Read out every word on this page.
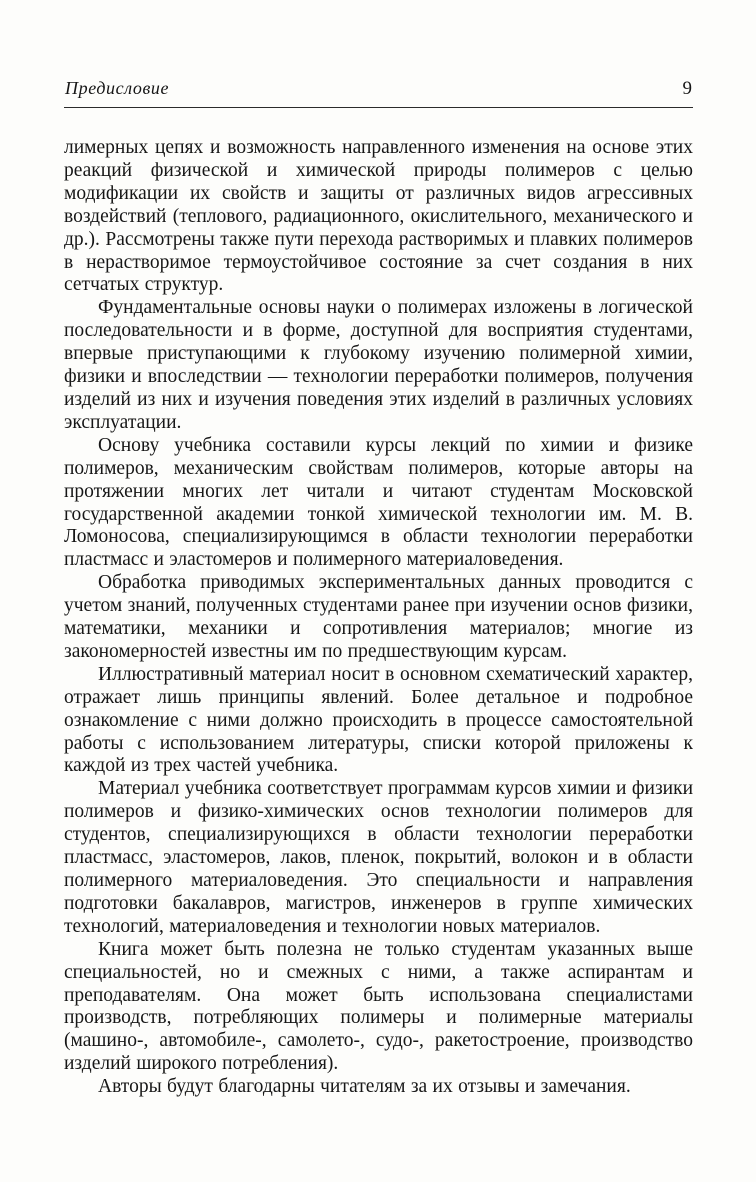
Предисловие	9

лимерных цепях и возможность направленного изменения на основе этих реакций физической и химической природы полимеров с целью модификации их свойств и защиты от различных видов агрессивных воздействий (теплового, радиационного, окислительного, механического и др.). Рассмотрены также пути перехода растворимых и плавких полимеров в нерастворимое термоустойчивое состояние за счет создания в них сетчатых структур.

Фундаментальные основы науки о полимерах изложены в логической последовательности и в форме, доступной для восприятия студентами, впервые приступающими к глубокому изучению полимерной химии, физики и впоследствии — технологии переработки полимеров, получения изделий из них и изучения поведения этих изделий в различных условиях эксплуатации.

Основу учебника составили курсы лекций по химии и физике полимеров, механическим свойствам полимеров, которые авторы на протяжении многих лет читали и читают студентам Московской государственной академии тонкой химической технологии им. М. В. Ломоносова, специализирующимся в области технологии переработки пластмасс и эластомеров и полимерного материаловедения.

Обработка приводимых экспериментальных данных проводится с учетом знаний, полученных студентами ранее при изучении основ физики, математики, механики и сопротивления материалов; многие из закономерностей известны им по предшествующим курсам.

Иллюстративный материал носит в основном схематический характер, отражает лишь принципы явлений. Более детальное и подробное ознакомление с ними должно происходить в процессе самостоятельной работы с использованием литературы, списки которой приложены к каждой из трех частей учебника.

Материал учебника соответствует программам курсов химии и физики полимеров и физико-химических основ технологии полимеров для студентов, специализирующихся в области технологии переработки пластмасс, эластомеров, лаков, пленок, покрытий, волокон и в области полимерного материаловедения. Это специальности и направления подготовки бакалавров, магистров, инженеров в группе химических технологий, материаловедения и технологии новых материалов.

Книга может быть полезна не только студентам указанных выше специальностей, но и смежных с ними, а также аспирантам и преподавателям. Она может быть использована специалистами производств, потребляющих полимеры и полимерные материалы (машино-, автомобиле-, самолето-, судо-, ракетостроение, производство изделий широкого потребления).

Авторы будут благодарны читателям за их отзывы и замечания.
